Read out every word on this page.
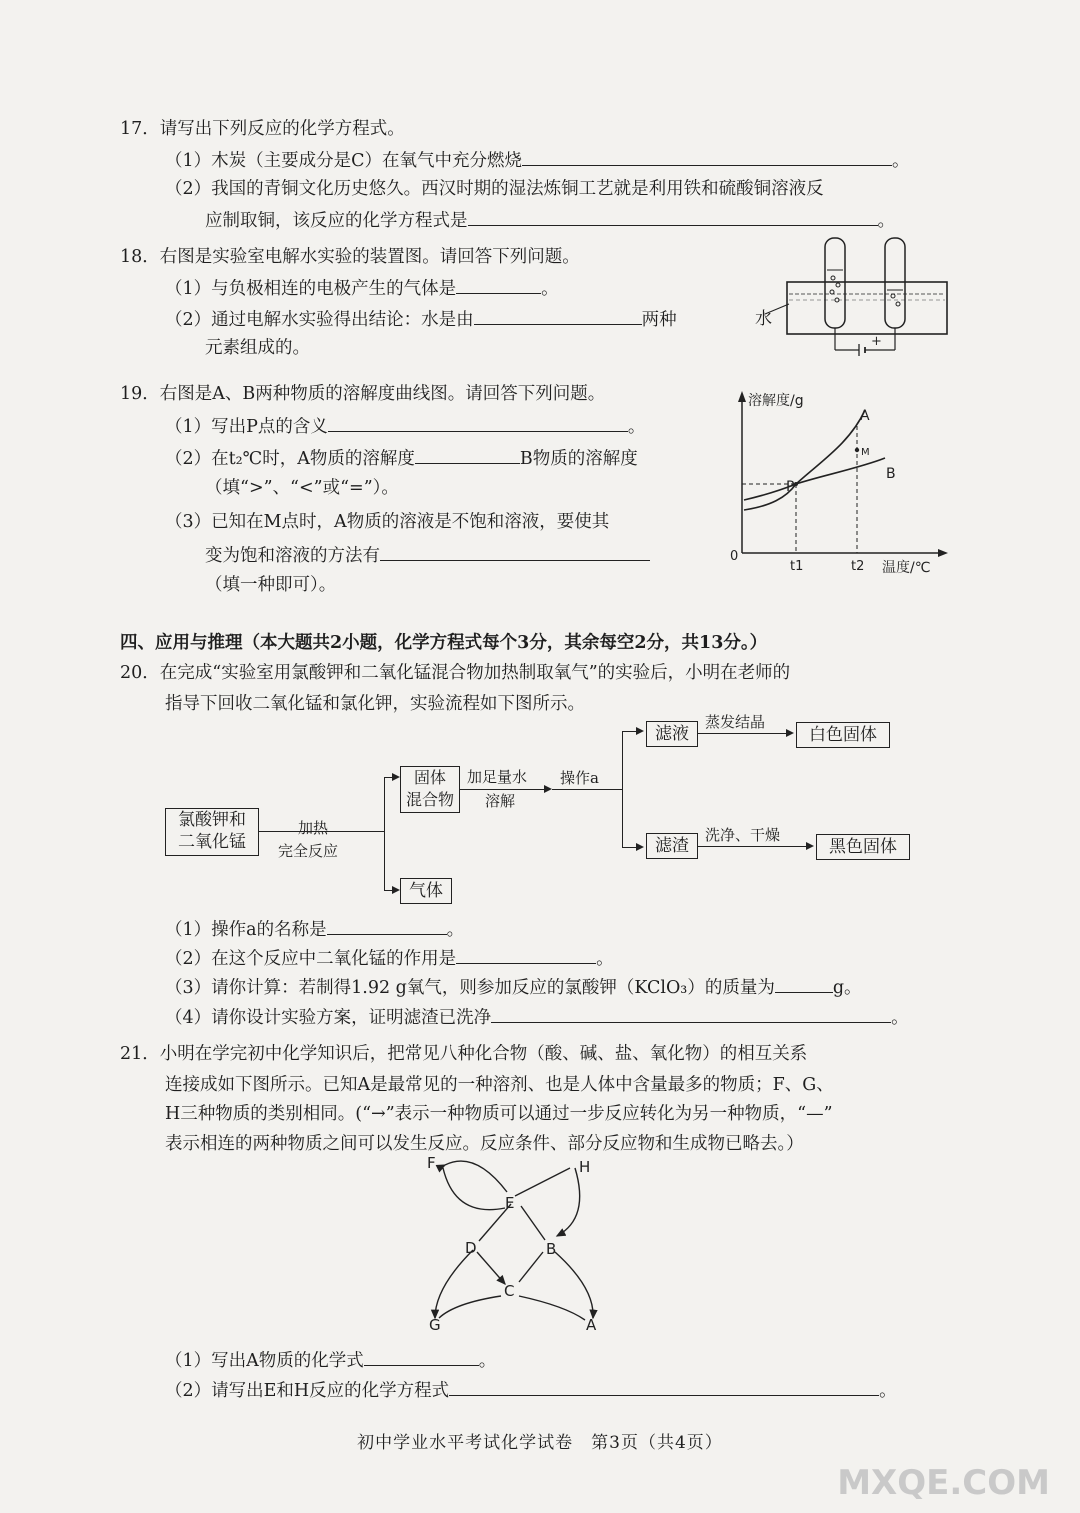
17．请写出下列反应的化学方程式。
（1）木炭（主要成分是C）在氧气中充分燃烧	。
（2）我国的青铜文化历史悠久。西汉时期的湿法炼铜工艺就是利用铁和硫酸铜溶液反
应制取铜，该反应的化学方程式是	。
18．右图是实验室电解水实验的装置图。请回答下列问题。
（1）与负极相连的电极产生的气体是	。
（2）通过电解水实验得出结论：水是由	两种
元素组成的。
水
+
19．右图是A、B两种物质的溶解度曲线图。请回答下列问题。
（1）写出P点的含义	。
（2）在t₂℃时，A物质的溶解度	B物质的溶解度
（填“>”、“<”或“=”）。
（3）已知在M点时，A物质的溶液是不饱和溶液，要使其
变为饱和溶液的方法有
（填一种即可）。
溶解度/g
温度/℃
0
t1	t2
A
B
P
M
四、应用与推理（本大题共2小题，化学方程式每个3分，其余每空2分，共13分。）
20．在完成“实验室用氯酸钾和二氧化锰混合物加热制取氧气”的实验后，小明在老师的
指导下回收二氧化锰和氯化钾，实验流程如下图所示。
氯酸钾和
二氧化锰
加热
完全反应
固体
混合物
气体
加足量水
溶解
操作a
滤液
蒸发结晶
白色固体
滤渣
洗净、干燥
黑色固体
（1）操作a的名称是	。
（2）在这个反应中二氧化锰的作用是	。
（3）请你计算：若制得1.92 g氧气，则参加反应的氯酸钾（KClO₃）的质量为	g。
（4）请你设计实验方案，证明滤渣已洗净	。
21．小明在学完初中化学知识后，把常见八种化合物（酸、碱、盐、氧化物）的相互关系
连接成如下图所示。已知A是最常见的一种溶剂、也是人体中含量最多的物质；F、G、
H三种物质的类别相同。(“→”表示一种物质可以通过一步反应转化为另一种物质，“—”
表示相连的两种物质之间可以发生反应。反应条件、部分反应物和生成物已略去。）
F	H
E
D	B
C
G	A
（1）写出A物质的化学式	。
（2）请写出E和H反应的化学方程式	。
初中学业水平考试化学试卷　第3页（共4页）
MXQE.COM
